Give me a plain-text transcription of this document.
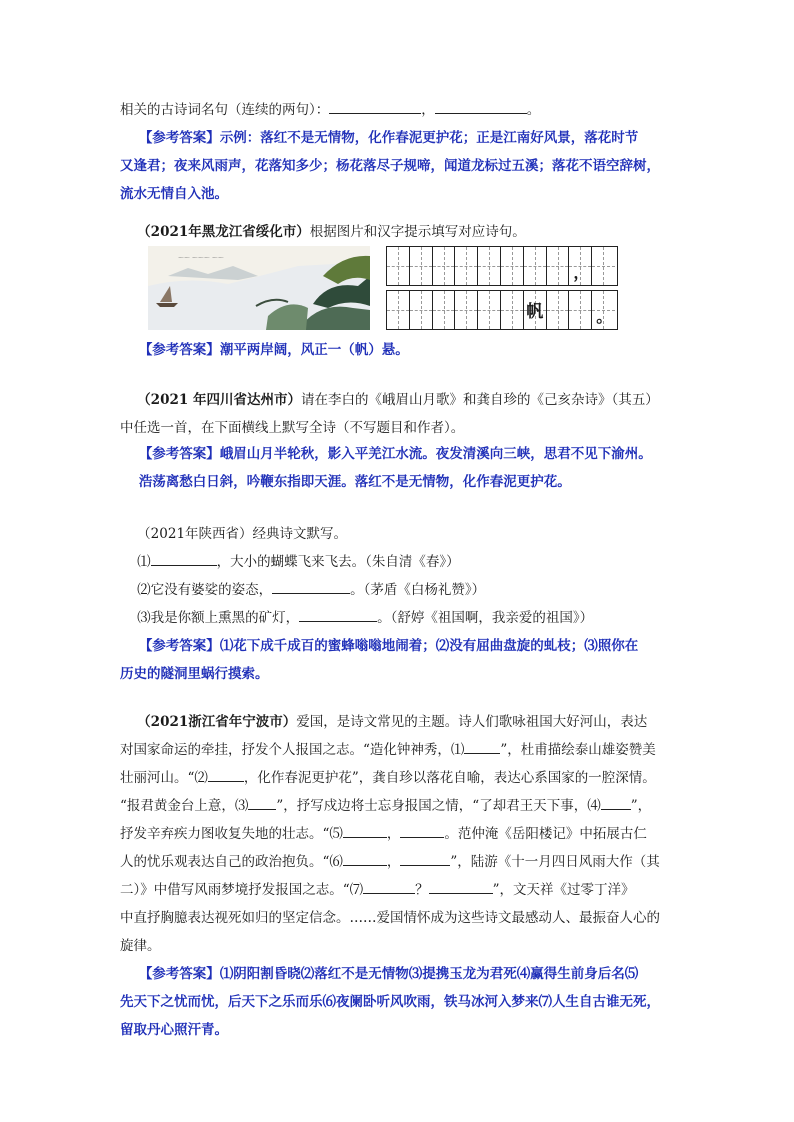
相关的古诗词名句（连续的两句）：	，	。

【参考答案】示例：落红不是无情物，化作春泥更护花；正是江南好风景，落花时节

又逢君；夜来风雨声，花落知多少；杨花落尽子规啼，闻道龙标过五溪；落花不语空辞树，

流水无情自入池。

（2021年黑龙江省绥化市）根据图片和汉字提示填写对应诗句。

～～ ～～～ ～～
，
帆	。

【参考答案】潮平两岸阔，风正一（帆）悬。

（2021 年四川省达州市）请在李白的《峨眉山月歌》和龚自珍的《己亥杂诗》（其五）

中任选一首，在下面横线上默写全诗（不写题目和作者）。

【参考答案】峨眉山月半轮秋，影入平羌江水流。夜发清溪向三峡，思君不见下渝州。

浩荡离愁白日斜，吟鞭东指即天涯。落红不是无情物，化作春泥更护花。

（2021年陕西省）经典诗文默写。

⑴	，大小的蝴蝶飞来飞去。（朱自清《春》）

⑵它没有婆娑的姿态，	。（茅盾《白杨礼赞》）

⑶我是你额上熏黑的矿灯，	。（舒婷《祖国啊，我亲爱的祖国》）

【参考答案】⑴花下成千成百的蜜蜂嗡嗡地闹着；⑵没有屈曲盘旋的虬枝；⑶照你在

历史的隧洞里蜗行摸索。

（2021浙江省年宁波市）爱国，是诗文常见的主题。诗人们歌咏祖国大好河山，表达

对国家命运的牵挂，抒发个人报国之志。“造化钟神秀，⑴	”，杜甫描绘泰山雄姿赞美

壮丽河山。“⑵	，化作春泥更护花”，龚自珍以落花自喻，表达心系国家的一腔深情。

“报君黄金台上意，⑶ ”，抒写戍边将士忘身报国之情，“了却君王天下事，⑷ ”，

抒发辛弃疾力图收复失地的壮志。“⑸	，	。范仲淹《岳阳楼记》中拓展古仁

人的忧乐观表达自己的政治抱负。“⑹	，	”，陆游《十一月四日风雨大作（其

二）》中借写风雨梦境抒发报国之志。“⑺	？	”，文天祥《过零丁洋》

中直抒胸臆表达视死如归的坚定信念。……爱国情怀成为这些诗文最感动人、最振奋人心的

旋律。

【参考答案】⑴阴阳割昏晓⑵落红不是无情物⑶提携玉龙为君死⑷赢得生前身后名⑸

先天下之忧而忧，后天下之乐而乐⑹夜阑卧听风吹雨，铁马冰河入梦来⑺人生自古谁无死，

留取丹心照汗青。
